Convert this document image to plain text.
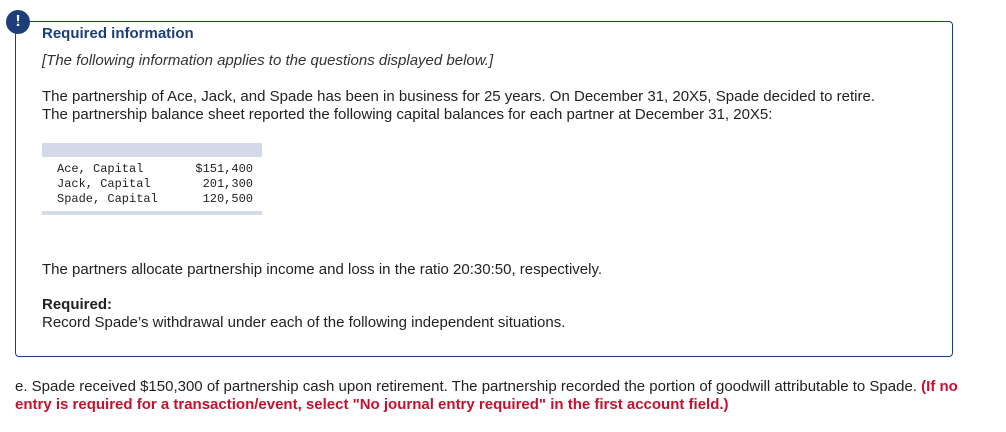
!
Required information
[The following information applies to the questions displayed below.]
The partnership of Ace, Jack, and Spade has been in business for 25 years. On December 31, 20X5, Spade decided to retire. The partnership balance sheet reported the following capital balances for each partner at December 31, 20X5:
Ace, Capital	$151,400
Jack, Capital	201,300
Spade, Capital	120,500
The partners allocate partnership income and loss in the ratio 20:30:50, respectively.
Required:
Record Spade’s withdrawal under each of the following independent situations.
e. Spade received $150,300 of partnership cash upon retirement. The partnership recorded the portion of goodwill attributable to Spade. (If no entry is required for a transaction/event, select "No journal entry required" in the first account field.)
